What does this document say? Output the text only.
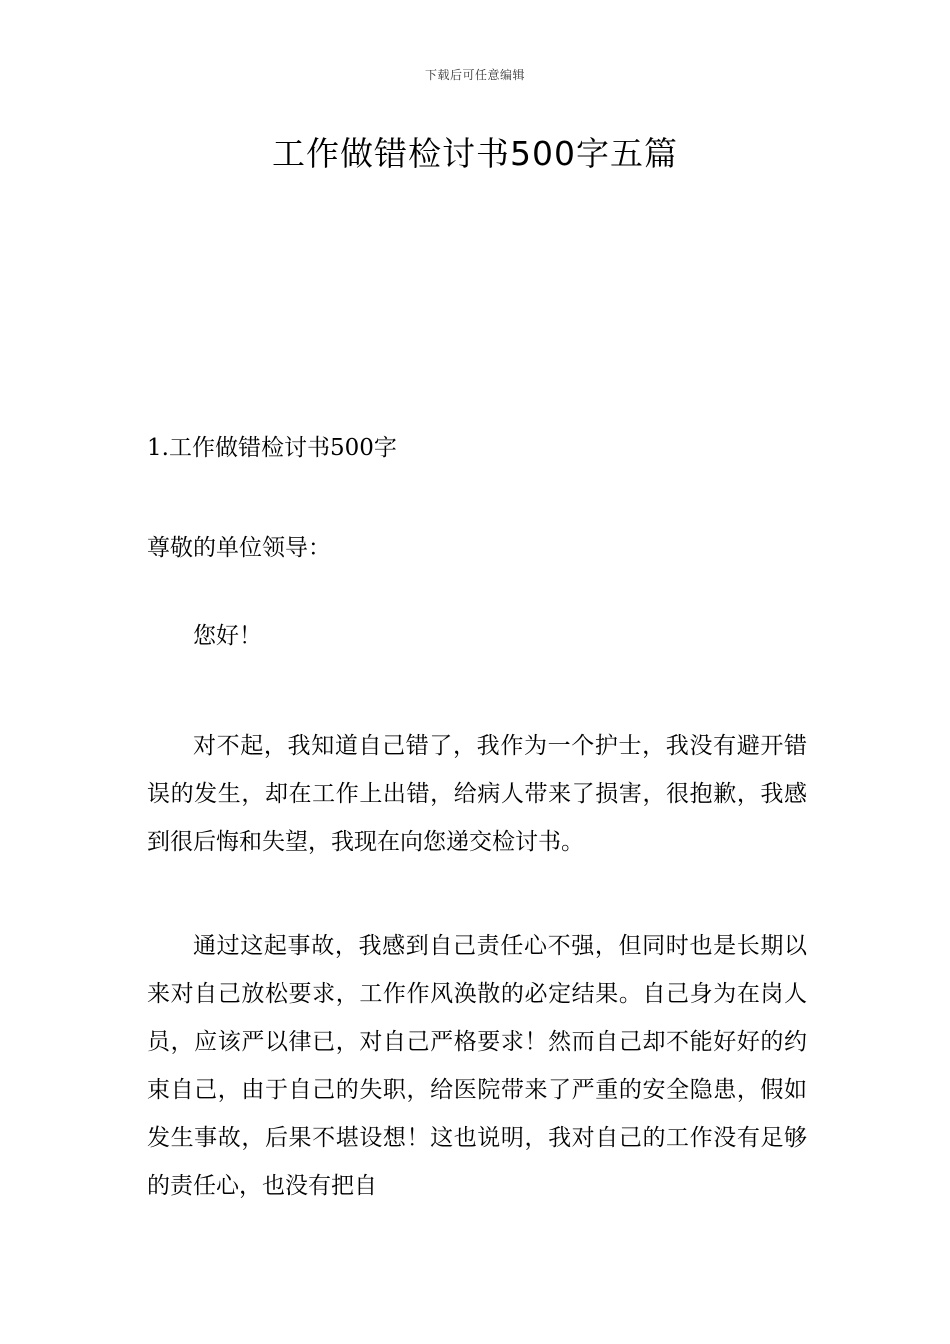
下载后可任意编辑
工作做错检讨书500字五篇
1.工作做错检讨书500字
尊敬的单位领导：
您好！

对不起，我知道自己错了，我作为一个护士，我没有避开错误的发生，却在工作上出错，给病人带来了损害，很抱歉，我感到很后悔和失望，我现在向您递交检讨书。

通过这起事故，我感到自己责任心不强，但同时也是长期以来对自己放松要求，工作作风涣散的必定结果。自己身为在岗人员，应该严以律已，对自己严格要求！然而自己却不能好好的约束自己，由于自己的失职，给医院带来了严重的安全隐患，假如发生事故，后果不堪设想！这也说明，我对自己的工作没有足够的责任心，也没有把自
